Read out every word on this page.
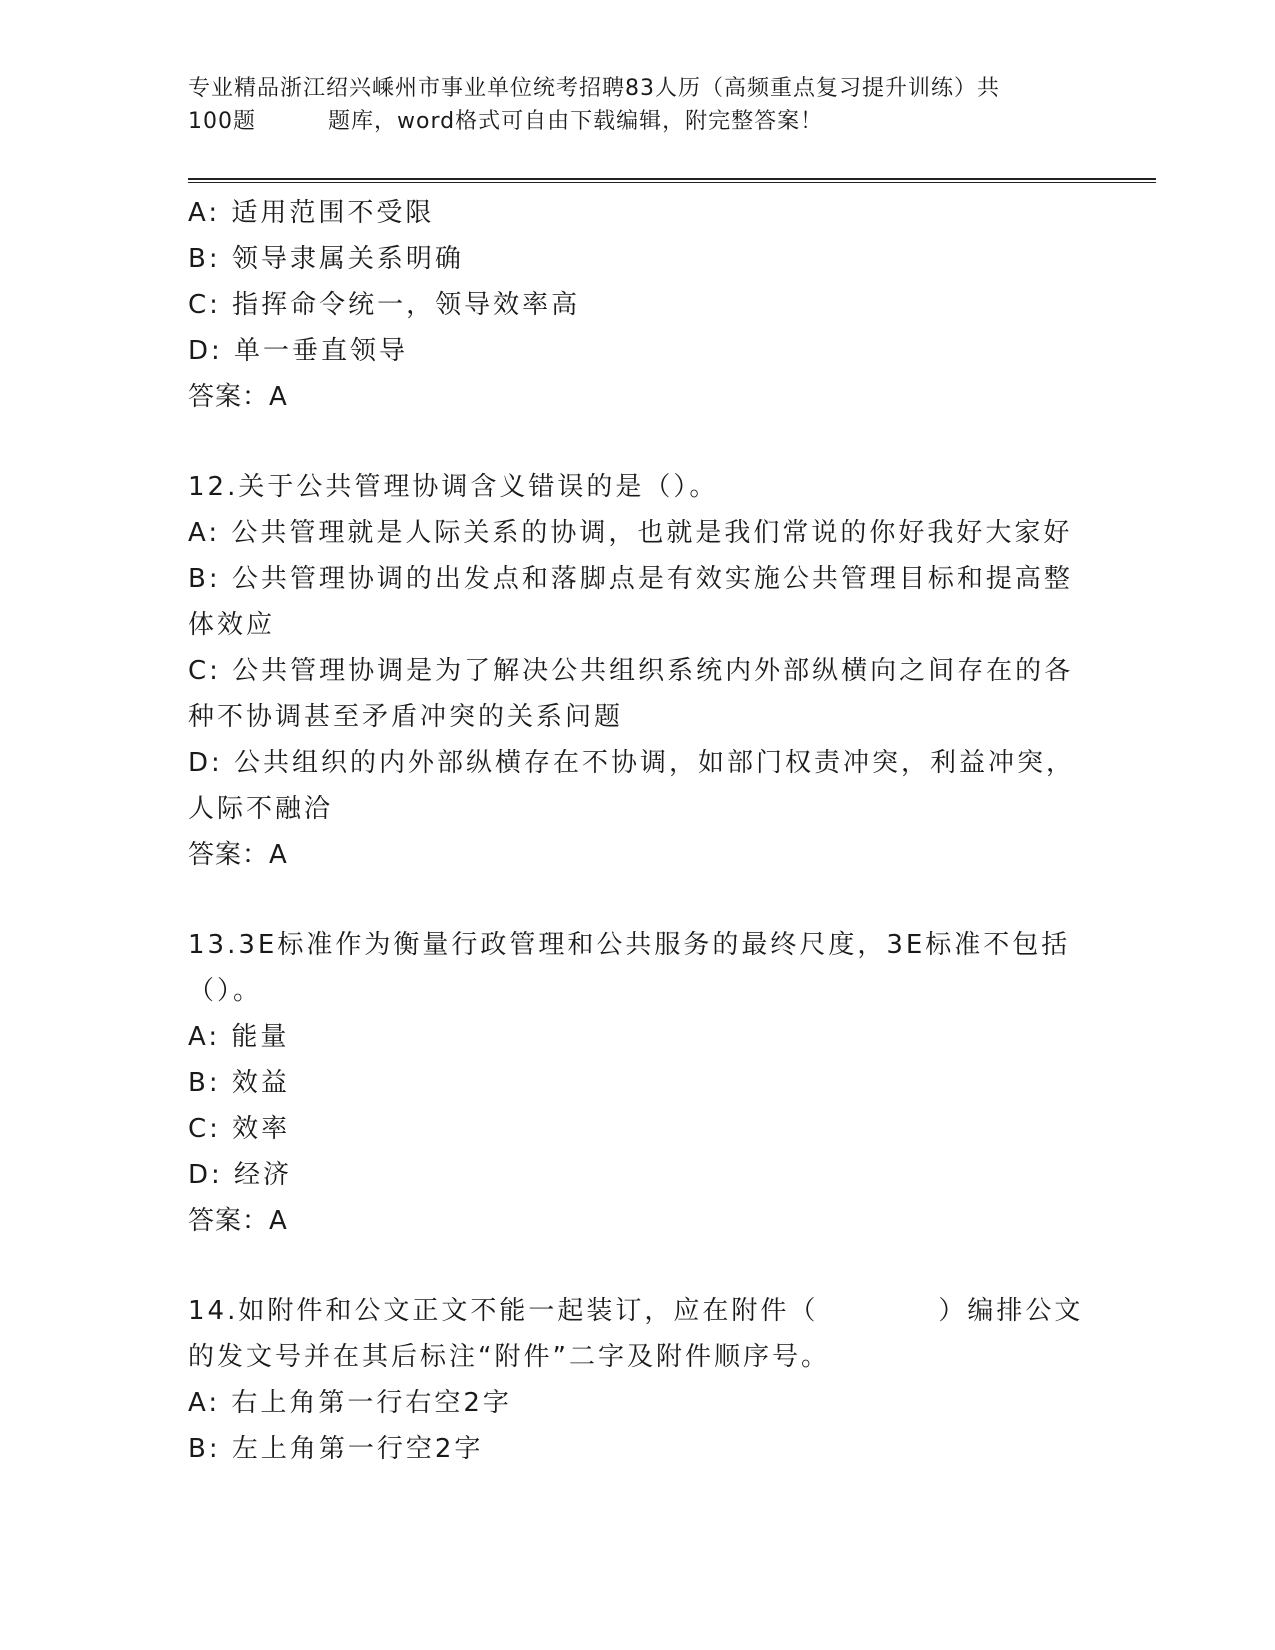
专业精品浙江绍兴嵊州市事业单位统考招聘83人历（高频重点复习提升训练）共
100题	题库，word格式可自由下载编辑，附完整答案！

A: 适用范围不受限

B: 领导隶属关系明确

C: 指挥命令统一，领导效率高

D: 单一垂直领导

答案：A

12.关于公共管理协调含义错误的是（）。

A: 公共管理就是人际关系的协调，也就是我们常说的你好我好大家好

B: 公共管理协调的出发点和落脚点是有效实施公共管理目标和提高整体效应

C: 公共管理协调是为了解决公共组织系统内外部纵横向之间存在的各种不协调甚至矛盾冲突的关系问题

D: 公共组织的内外部纵横存在不协调，如部门权责冲突，利益冲突，人际不融洽

答案：A

13.3E标准作为衡量行政管理和公共服务的最终尺度，3E标准不包括（）。

A: 能量

B: 效益

C: 效率

D: 经济

答案：A

14.如附件和公文正文不能一起装订，应在附件（	）编排公文的发文号并在其后标注“附件”二字及附件顺序号。

A: 右上角第一行右空2字

B: 左上角第一行空2字
